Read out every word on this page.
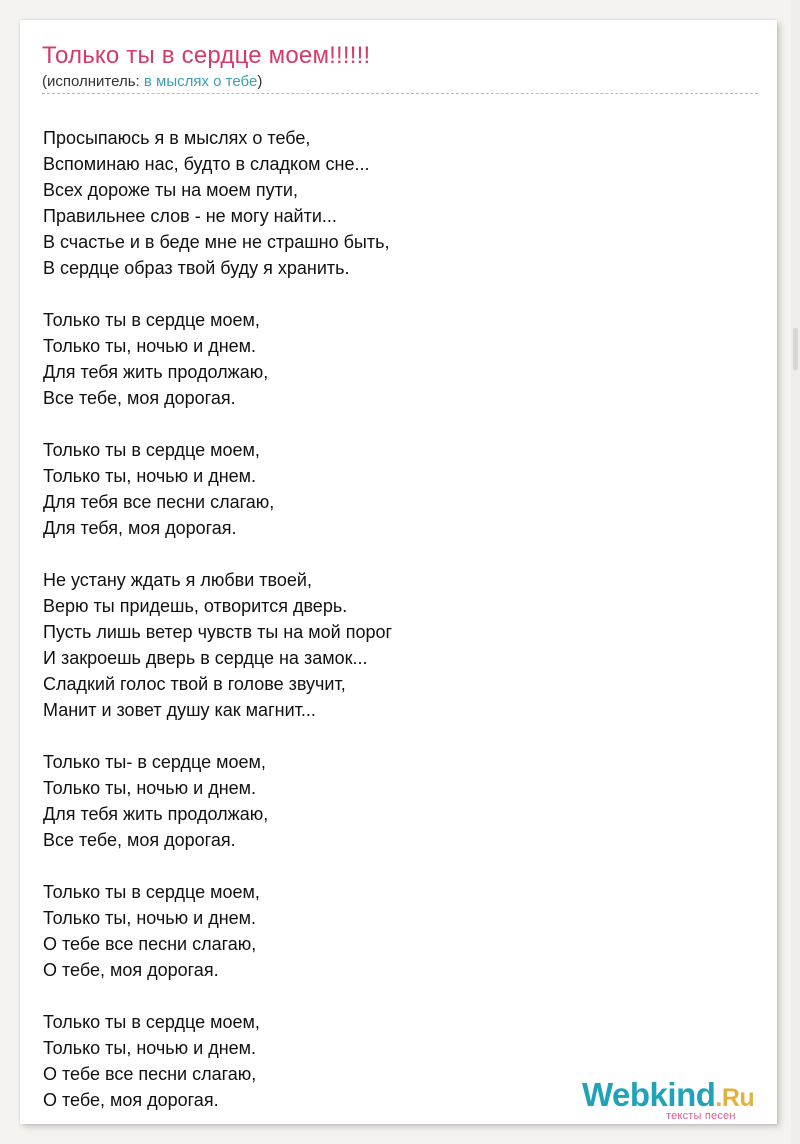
Только ты в сердце моем!!!!!!
(исполнитель: в мыслях о тебе)
Просыпаюсь я в мыслях о тебе,
Вспоминаю нас, будто в сладком сне...
Всех дороже ты на моем пути,
Правильнее слов - не могу найти...
В счастье и в беде мне не страшно быть,
В сердце образ твой буду я хранить.
Только ты в сердце моем,
Только ты, ночью и днем.
Для тебя жить продолжаю,
Все тебе, моя дорогая.
Только ты в сердце моем,
Только ты, ночью и днем.
Для тебя все песни слагаю,
Для тебя, моя дорогая.
Не устану ждать я любви твоей,
Верю ты придешь, отворится дверь.
Пусть лишь ветер чувств ты на мой порог
И закроешь дверь в сердце на замок...
Сладкий голос твой в голове звучит,
Манит и зовет душу как магнит...
Только ты- в сердце моем,
Только ты, ночью и днем.
Для тебя жить продолжаю,
Все тебе, моя дорогая.
Только ты в сердце моем,
Только ты, ночью и днем.
О тебе все песни слагаю,
О тебе, моя дорогая.
Только ты в сердце моем,
Только ты, ночью и днем.
О тебе все песни слагаю,
О тебе, моя дорогая.	Webkind.Ru
тексты песен
